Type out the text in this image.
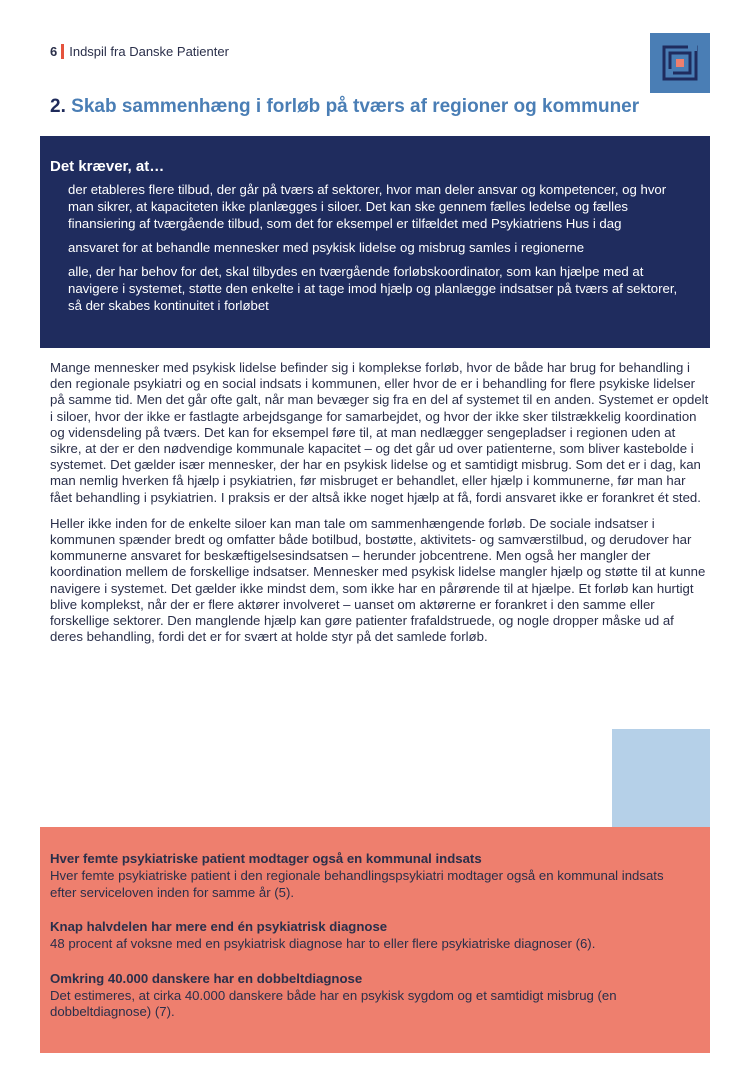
6 Indspil fra Danske Patienter
2. Skab sammenhæng i forløb på tværs af regioner og kommuner
Det kræver, at…

der etableres flere tilbud, der går på tværs af sektorer, hvor man deler ansvar og kompetencer, og hvor man sikrer, at kapaciteten ikke planlægges i siloer. Det kan ske gennem fælles ledelse og fælles finansiering af tværgående tilbud, som det for eksempel er tilfældet med Psykiatriens Hus i dag

ansvaret for at behandle mennesker med psykisk lidelse og misbrug samles i regionerne

alle, der har behov for det, skal tilbydes en tværgående forløbskoordinator, som kan hjælpe med at navigere i systemet, støtte den enkelte i at tage imod hjælp og planlægge indsatser på tværs af sektorer, så der skabes kontinuitet i forløbet

Mange mennesker med psykisk lidelse befinder sig i komplekse forløb, hvor de både har brug for behandling i den regionale psykiatri og en social indsats i kommunen, eller hvor de er i behandling for flere psykiske lidelser på samme tid. Men det går ofte galt, når man bevæger sig fra en del af systemet til en anden. Systemet er opdelt i siloer, hvor der ikke er fastlagte arbejdsgange for samarbejdet, og hvor der ikke sker tilstrækkelig koordination og vidensdeling på tværs. Det kan for eksempel føre til, at man nedlægger sengepladser i regionen uden at sikre, at der er den nødvendige kommunale kapacitet – og det går ud over patienterne, som bliver kastebolde i systemet. Det gælder især mennesker, der har en psykisk lidelse og et samtidigt misbrug. Som det er i dag, kan man nemlig hverken få hjælp i psykiatrien, før misbruget er behandlet, eller hjælp i kommunerne, før man har fået behandling i psykiatrien. I praksis er der altså ikke noget hjælp at få, fordi ansvaret ikke er forankret ét sted.

Heller ikke inden for de enkelte siloer kan man tale om sammenhængende forløb. De sociale indsatser i kommunen spænder bredt og omfatter både botilbud, bostøtte, aktivitets- og samværstilbud, og derudover har kommunerne ansvaret for beskæftigelsesindsatsen – herunder jobcentrene. Men også her mangler der koordination mellem de forskellige indsatser. Mennesker med psykisk lidelse mangler hjælp og støtte til at kunne navigere i systemet. Det gælder ikke mindst dem, som ikke har en pårørende til at hjælpe. Et forløb kan hurtigt blive komplekst, når der er flere aktører involveret – uanset om aktørerne er forankret i den samme eller forskellige sektorer. Den manglende hjælp kan gøre patienter frafaldstruede, og nogle dropper måske ud af deres behandling, fordi det er for svært at holde styr på det samlede forløb.

Hver femte psykiatriske patient modtager også en kommunal indsats

Hver femte psykiatriske patient i den regionale behandlingspsykiatri modtager også en kommunal indsats efter serviceloven inden for samme år (5).

Knap halvdelen har mere end én psykiatrisk diagnose

48 procent af voksne med en psykiatrisk diagnose har to eller flere psykiatriske diagnoser (6).

Omkring 40.000 danskere har en dobbeltdiagnose

Det estimeres, at cirka 40.000 danskere både har en psykisk sygdom og et samtidigt misbrug (en dobbeltdiagnose) (7).
